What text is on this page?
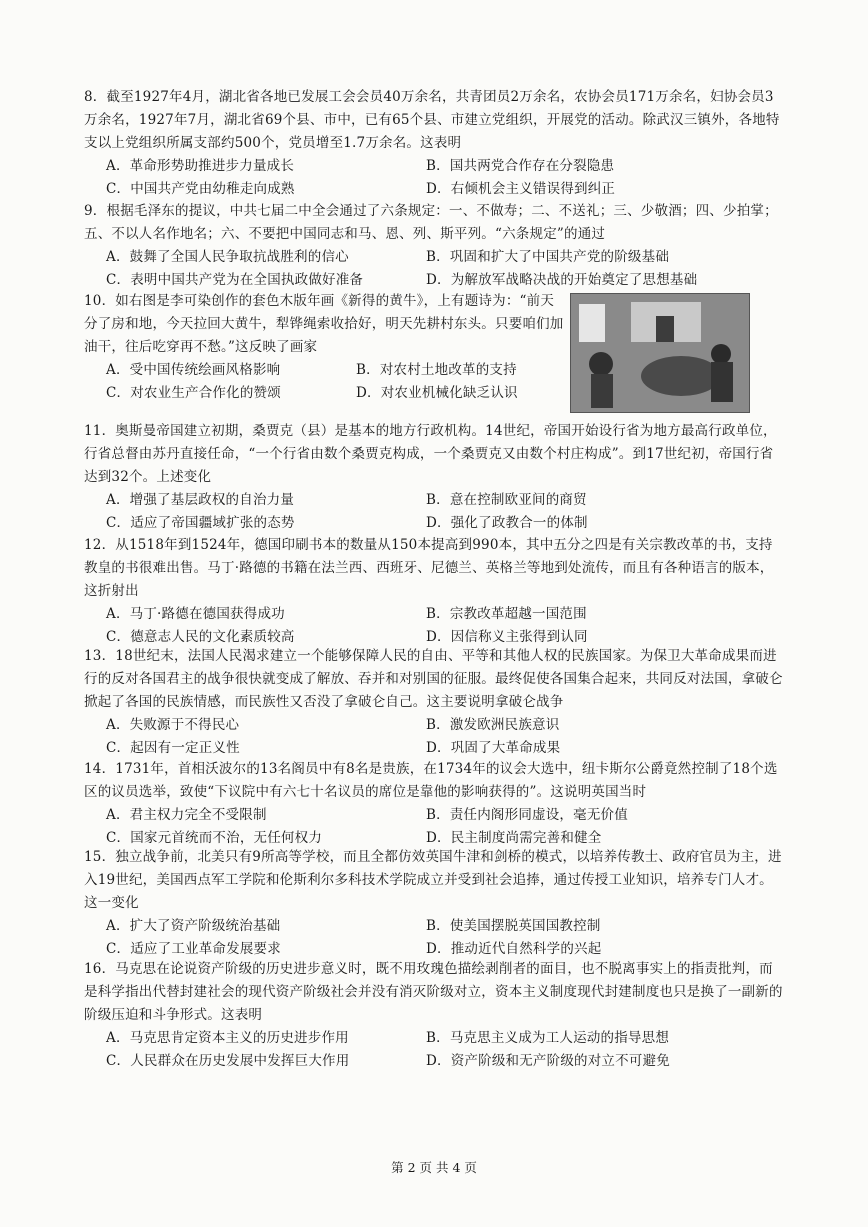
8．截至1927年4月，湖北省各地已发展工会会员40万余名，共青团员2万余名，农协会员171万余名，妇协会员3万余名，1927年7月，湖北省69个县、市中，已有65个县、市建立党组织，开展党的活动。除武汉三镇外，各地特支以上党组织所属支部约500个，党员增至1.7万余名。这表明

A．革命形势助推进步力量成长	B．国共两党合作存在分裂隐患
C．中国共产党由幼稚走向成熟	D．右倾机会主义错误得到纠正

9．根据毛泽东的提议，中共七届二中全会通过了六条规定：一、不做寿；二、不送礼；三、少敬酒；四、少拍掌；五、不以人名作地名；六、不要把中国同志和马、恩、列、斯平列。“六条规定”的通过

A．鼓舞了全国人民争取抗战胜利的信心	B．巩固和扩大了中国共产党的阶级基础
C．表明中国共产党为在全国执政做好准备	D．为解放军战略决战的开始奠定了思想基础

10．如右图是李可染创作的套色木版年画《新得的黄牛》，上有题诗为：“前天分了房和地，今天拉回大黄牛，犁铧绳索收拾好，明天先耕村东头。只要咱们加油干，往后吃穿再不愁。”这反映了画家

A．受中国传统绘画风格影响	B．对农村土地改革的支持
C．对农业生产合作化的赞颂	D．对农业机械化缺乏认识

11．奥斯曼帝国建立初期，桑贾克（县）是基本的地方行政机构。14世纪，帝国开始设行省为地方最高行政单位，行省总督由苏丹直接任命，“一个行省由数个桑贾克构成，一个桑贾克又由数个村庄构成”。到17世纪初，帝国行省达到32个。上述变化

A．增强了基层政权的自治力量	B．意在控制欧亚间的商贸
C．适应了帝国疆域扩张的态势	D．强化了政教合一的体制

12．从1518年到1524年，德国印刷书本的数量从150本提高到990本，其中五分之四是有关宗教改革的书，支持教皇的书很难出售。马丁·路德的书籍在法兰西、西班牙、尼德兰、英格兰等地到处流传，而且有各种语言的版本，这折射出

A．马丁·路德在德国获得成功	B．宗教改革超越一国范围
C．德意志人民的文化素质较高	D．因信称义主张得到认同

13．18世纪末，法国人民渴求建立一个能够保障人民的自由、平等和其他人权的民族国家。为保卫大革命成果而进行的反对各国君主的战争很快就变成了解放、吞并和对别国的征服。最终促使各国集合起来，共同反对法国，拿破仑掀起了各国的民族情感，而民族性又否没了拿破仑自己。这主要说明拿破仑战争

A．失败源于不得民心	B．激发欧洲民族意识
C．起因有一定正义性	D．巩固了大革命成果

14．1731年，首相沃波尔的13名阁员中有8名是贵族，在1734年的议会大选中，纽卡斯尔公爵竟然控制了18个选区的议员选举，致使“下议院中有六七十名议员的席位是靠他的影响获得的”。这说明英国当时

A．君主权力完全不受限制	B．责任内阁形同虚设，毫无价值
C．国家元首统而不治，无任何权力	D．民主制度尚需完善和健全

15．独立战争前，北美只有9所高等学校，而且全都仿效英国牛津和剑桥的模式，以培养传教士、政府官员为主，进入19世纪，美国西点军工学院和伦斯利尔多科技术学院成立并受到社会追捧，通过传授工业知识，培养专门人才。这一变化

A．扩大了资产阶级统治基础	B．使美国摆脱英国国教控制
C．适应了工业革命发展要求	D．推动近代自然科学的兴起

16．马克思在论说资产阶级的历史进步意义时，既不用玫瑰色描绘剥削者的面目，也不脱离事实上的指责批判，而是科学指出代替封建社会的现代资产阶级社会并没有消灭阶级对立，资本主义制度现代封建制度也只是换了一副新的阶级压迫和斗争形式。这表明

A．马克思肯定资本主义的历史进步作用	B．马克思主义成为工人运动的指导思想
C．人民群众在历史发展中发挥巨大作用	D．资产阶级和无产阶级的对立不可避免
第 2 页 共 4 页
